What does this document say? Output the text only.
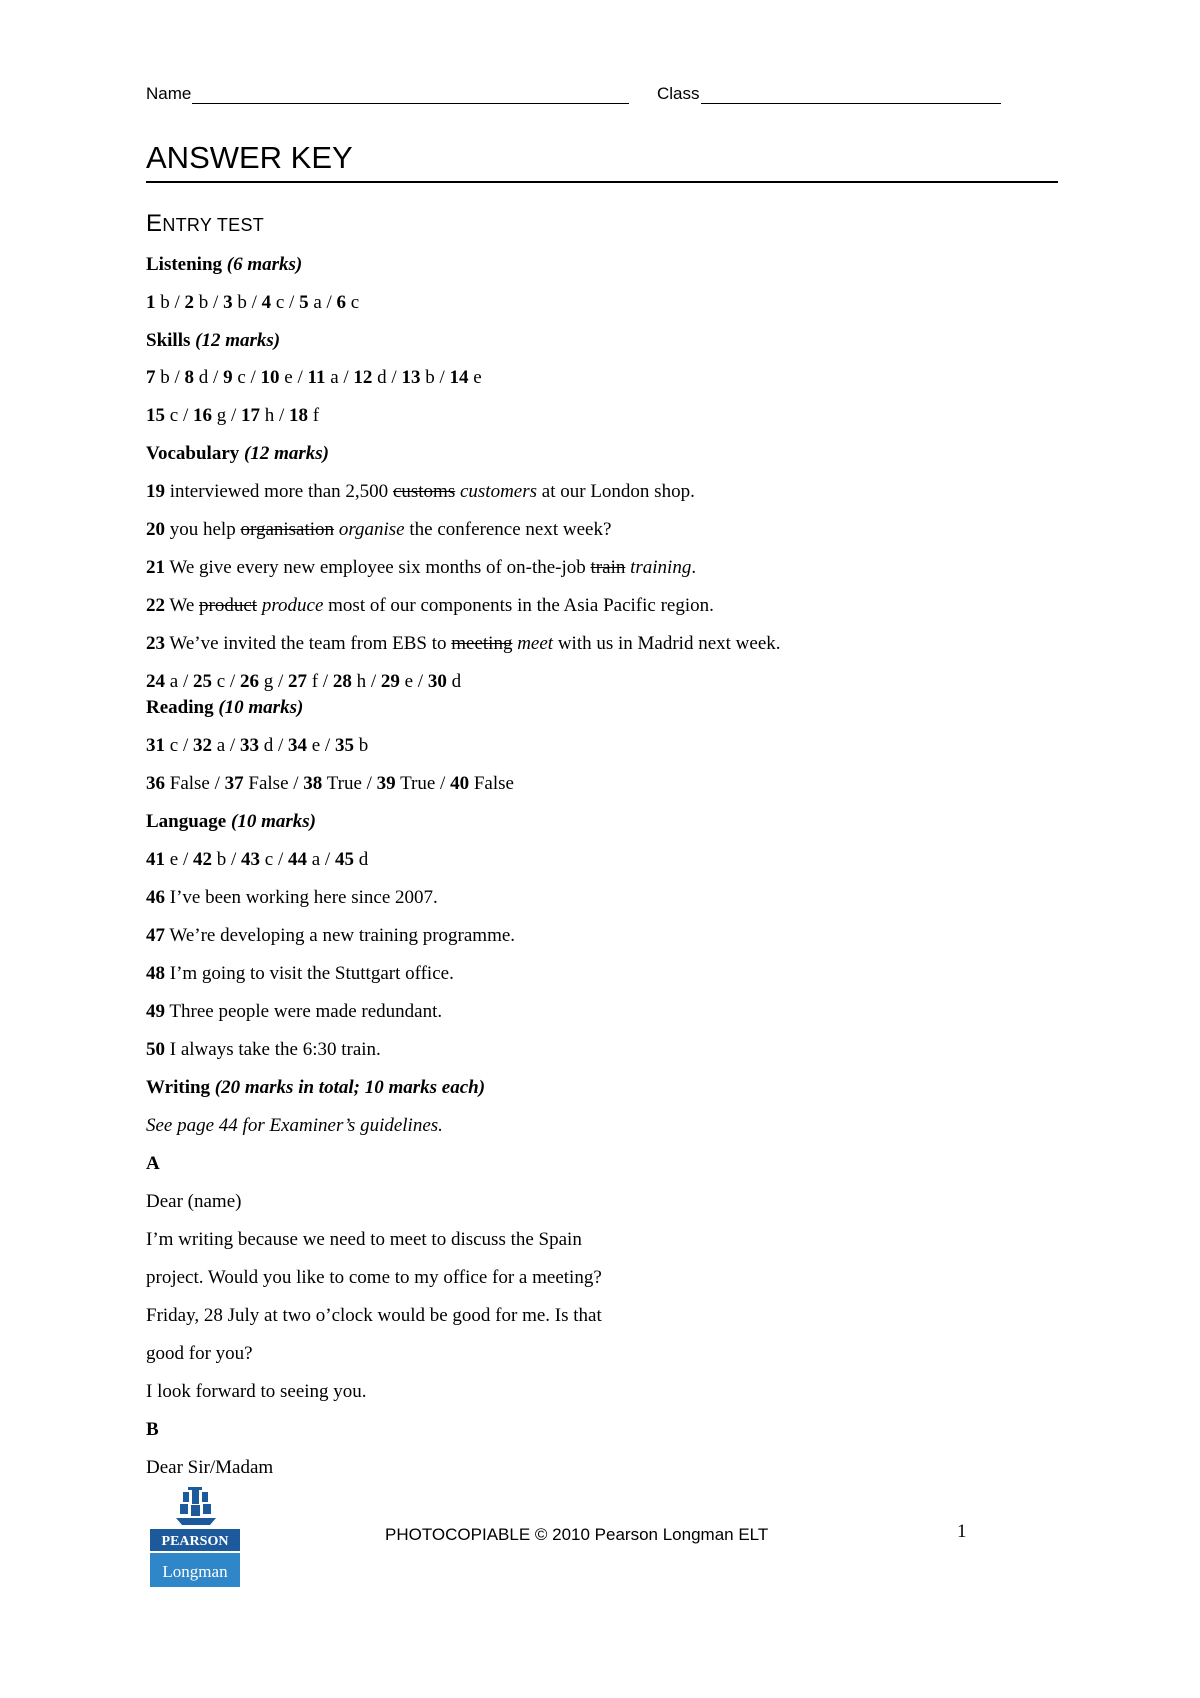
Name	Class
ANSWER KEY
ENTRY TEST
Listening (6 marks)
1 b / 2 b / 3 b / 4 c / 5 a / 6 c
Skills (12 marks)
7 b / 8 d / 9 c / 10 e / 11 a / 12 d / 13 b / 14 e
15 c / 16 g / 17 h / 18 f
Vocabulary (12 marks)
19 interviewed more than 2,500 customs customers at our London shop.
20 you help organisation organise the conference next week?
21 We give every new employee six months of on-the-job train training.
22 We product produce most of our components in the Asia Pacific region.
23 We’ve invited the team from EBS to meeting meet with us in Madrid next week.
24 a / 25 c / 26 g / 27 f / 28 h / 29 e / 30 d
Reading (10 marks)
31 c / 32 a / 33 d / 34 e / 35 b
36 False / 37 False / 38 True / 39 True / 40 False
Language (10 marks)
41 e / 42 b / 43 c / 44 a / 45 d
46 I’ve been working here since 2007.
47 We’re developing a new training programme.
48 I’m going to visit the Stuttgart office.
49 Three people were made redundant.
50 I always take the 6:30 train.
Writing (20 marks in total; 10 marks each)
See page 44 for Examiner’s guidelines.
A
Dear (name)
I’m writing because we need to meet to discuss the Spain
project. Would you like to come to my office for a meeting?
Friday, 28 July at two o’clock would be good for me. Is that
good for you?
I look forward to seeing you.
B
Dear Sir/Madam
PEARSON
Longman
PHOTOCOPIABLE © 2010 Pearson Longman ELT	1
